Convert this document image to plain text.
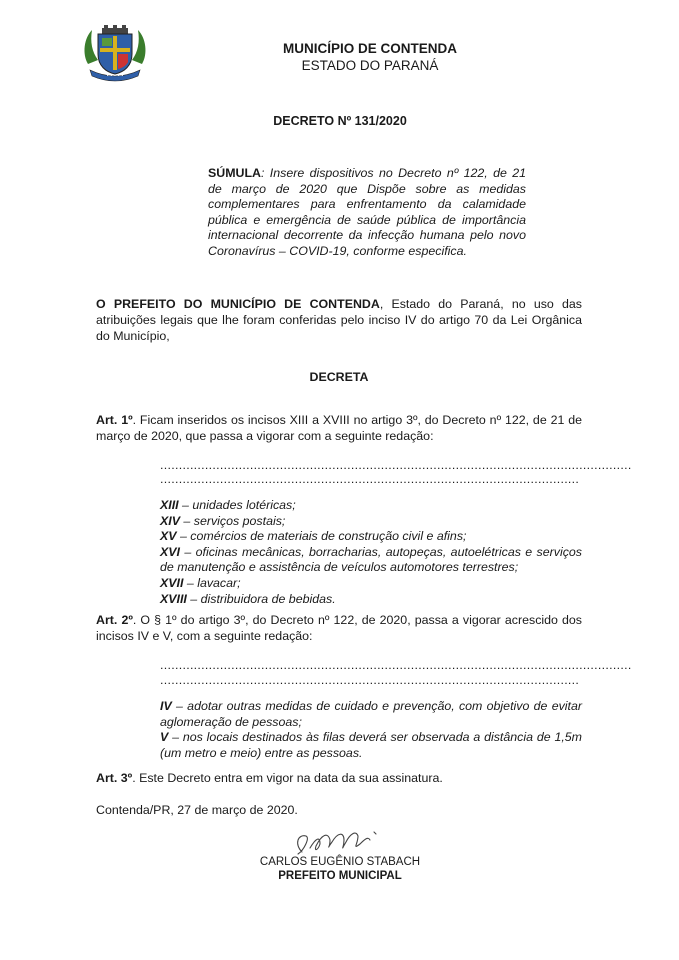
• • • • •
MUNICÍPIO DE CONTENDA
ESTADO DO PARANÁ
DECRETO Nº 131/2020
SÚMULA: Insere dispositivos no Decreto nº 122, de 21 de março de 2020 que Dispõe sobre as medidas complementares para enfrentamento da calamidade pública e emergência de saúde pública de importância internacional decorrente da infecção humana pelo novo Coronavírus – COVID-19, conforme especifica.
O PREFEITO DO MUNICÍPIO DE CONTENDA, Estado do Paraná, no uso das atribuições legais que lhe foram conferidas pelo inciso IV do artigo 70 da Lei Orgânica do Município,
DECRETA
Art. 1º. Ficam inseridos os incisos XIII a XVIII no artigo 3º, do Decreto nº 122, de 21 de março de 2020, que passa a vigorar com a seguinte redação:
..............................................................................................................................
................................................................................................................
XIII – unidades lotéricas;
XIV – serviços postais;
XV – comércios de materiais de construção civil e afins;
XVI – oficinas mecânicas, borracharias, autopeças, autoelétricas e serviços de manutenção e assistência de veículos automotores terrestres;
XVII – lavacar;
XVIII – distribuidora de bebidas.
Art. 2º. O § 1º do artigo 3º, do Decreto nº 122, de 2020, passa a vigorar acrescido dos incisos IV e V, com a seguinte redação:
..............................................................................................................................
................................................................................................................
IV – adotar outras medidas de cuidado e prevenção, com objetivo de evitar aglomeração de pessoas;
V – nos locais destinados às filas deverá ser observada a distância de 1,5m (um metro e meio) entre as pessoas.
Art. 3º. Este Decreto entra em vigor na data da sua assinatura.
Contenda/PR, 27 de março de 2020.
CARLOS EUGÊNIO STABACH
PREFEITO MUNICIPAL
